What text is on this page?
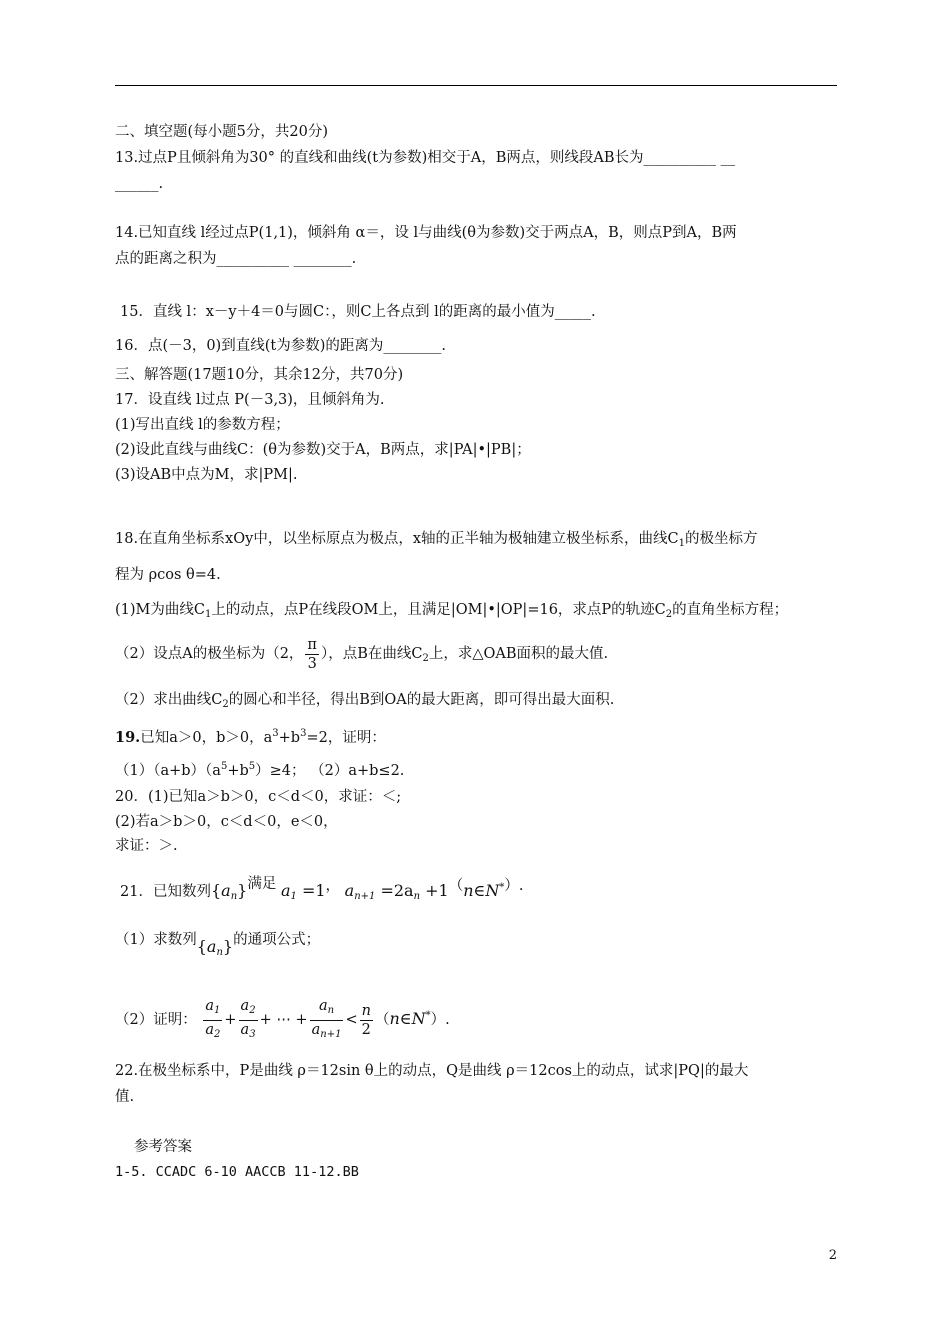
二、填空题(每小题5分，共20分)
13.过点P且倾斜角为30° 的直线和曲线(t为参数)相交于A，B两点，则线段AB长为__________ __
______.
14.已知直线 l经过点P(1,1)，倾斜角 α＝，设 l与曲线(θ为参数)交于两点A，B，则点P到A，B两
点的距离之积为__________ ________.
15．直线 l：x－y＋4＝0与圆C：，则C上各点到 l的距离的最小值为_____.
16．点(－3，0)到直线(t为参数)的距离为________.
三、解答题(17题10分，其余12分，共70分)
17．设直线 l过点 P(－3,3)，且倾斜角为.
(1)写出直线 l的参数方程；
(2)设此直线与曲线C：(θ为参数)交于A，B两点，求|PA|•|PB|；
(3)设AB中点为M，求|PM|.
18.在直角坐标系xOy中，以坐标原点为极点，x轴的正半轴为极轴建立极坐标系，曲线$C_1$的极坐标方
程为 ρcos θ=4.
(1)M为曲线$C_1$上的动点，点P在线段OM上，且满足|OM|•|OP|=16，求点P的轨迹$C_2$的直角坐标方程；
（2）设点A的极坐标为（2， $\frac{\pi}{3}$ ），点B在曲线$C_2$上，求△OAB面积的最大值.
（2）求出曲线$C_2$的圆心和半径，得出B到OA的最大距离，即可得出最大面积.
19.已知a＞0，b＞0，$a^3+b^3=2$，证明：
$(1)(a+b)(a^5+b^5)\ge 4$； （2）a+b≤2.
20．(1)已知a＞b＞0，c＜d＜0，求证：＜;
(2)若a＞b＞0，c＜d＜0，e＜0，
求证：＞.
21．已知数列$\{a_n\}$满足 $a_1 =1$， $a_{n+1} =2a_n$ +1（n∈N*）.
（1）求数列$\{a_n\}$的通项公式；
（2）证明： $\frac{a_1}{a_2} + \frac{a_2}{a_3}$ + ⋯ + $\frac{a_n}{a_{n+1}} < \frac{n}{2}$ （n∈N*）.
22.在极坐标系中，P是曲线 ρ＝12sin θ上的动点，Q是曲线 ρ＝12cos上的动点，试求|PQ|的最大
值.
参考答案
1-5. CCADC 6-10 AACCB 11-12.BB
2
